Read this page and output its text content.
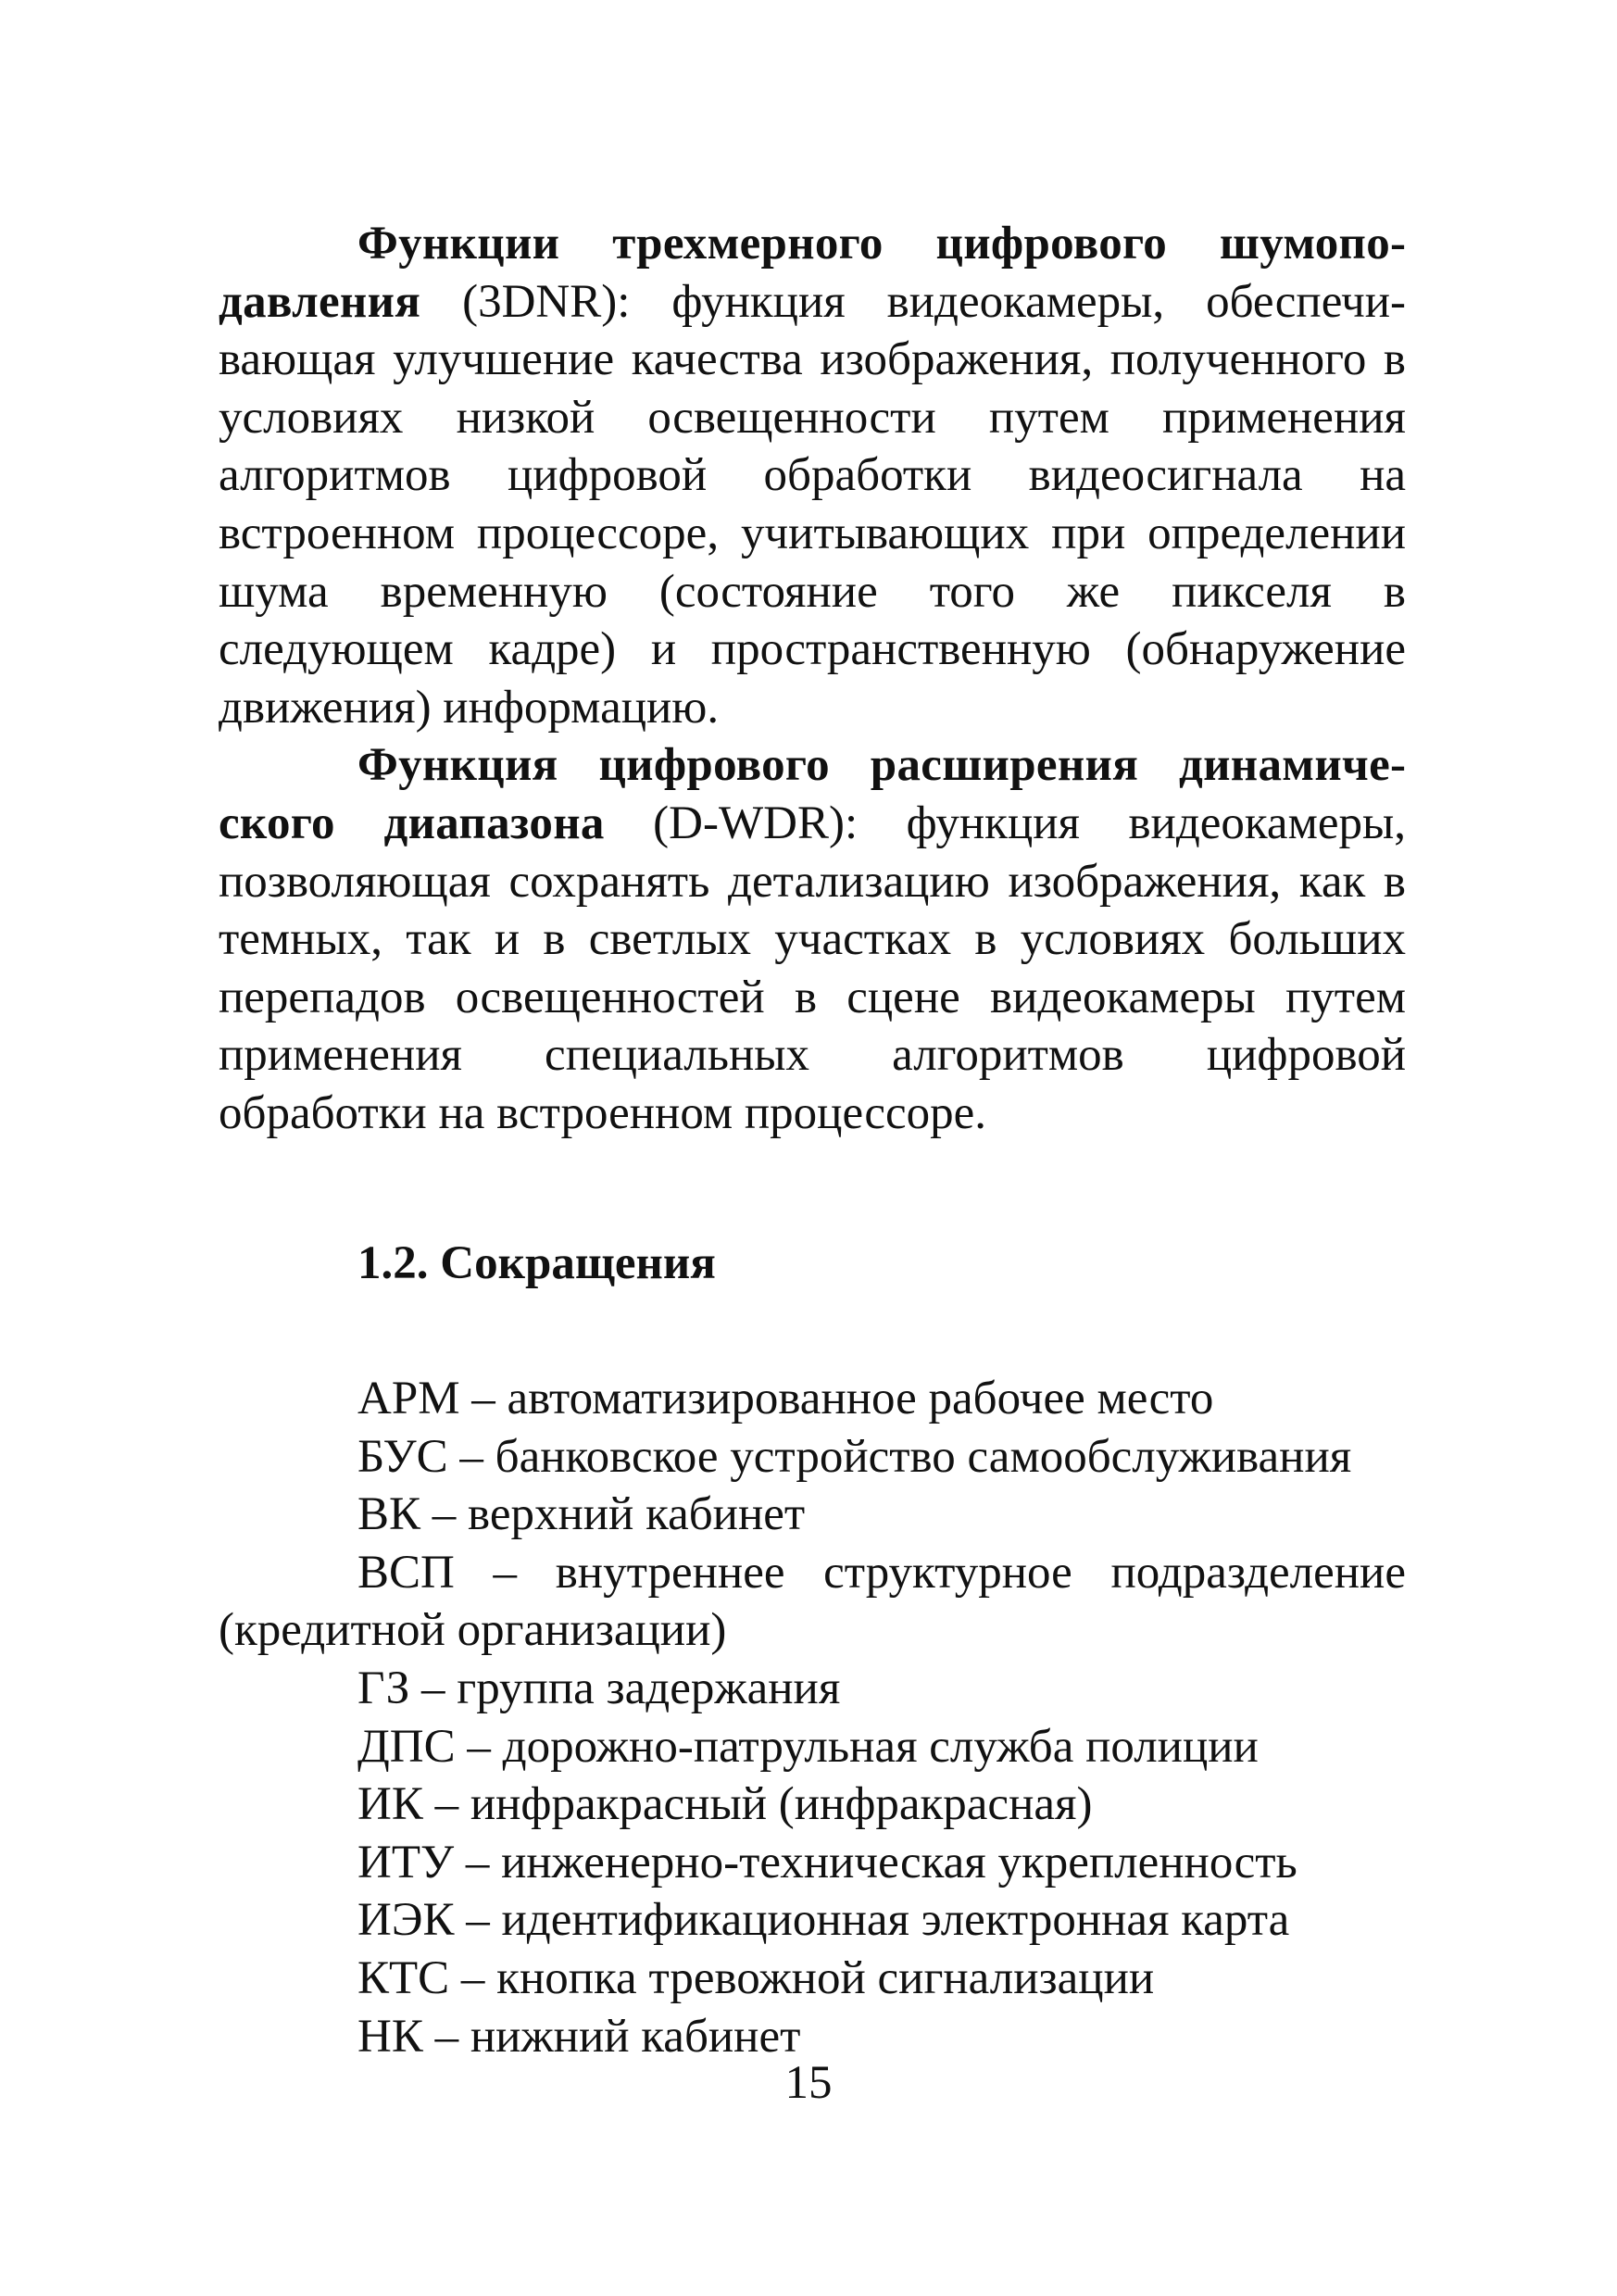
Функции трехмерного цифрового шумоподавления (3DNR): функция видеокамеры, обеспечивающая улучшение качества изображения, полученного в условиях низкой освещенности путем применения алгоритмов цифровой обработки видеосигнала на встроенном процессоре, учитывающих при определении шума временную (состояние того же пикселя в следующем кадре) и пространственную (обнаружение движения) информацию.

Функция цифрового расширения динамического диапазона (D-WDR): функция видеокамеры, позволяющая сохранять детализацию изображения, как в темных, так и в светлых участках в условиях больших перепадов освещенностей в сцене видеокамеры путем применения специальных алгоритмов цифровой обработки на встроенном процессоре.

1.2. Сокращения
АРМ – автоматизированное рабочее место
БУС – банковское устройство самообслуживания
ВК – верхний кабинет
ВСП – внутреннее структурное подразделение (кредитной организации)
ГЗ – группа задержания
ДПС – дорожно-патрульная служба полиции
ИК – инфракрасный (инфракрасная)
ИТУ – инженерно-техническая укрепленность
ИЭК – идентификационная электронная карта
КТС – кнопка тревожной сигнализации
НК – нижний кабинет
15
